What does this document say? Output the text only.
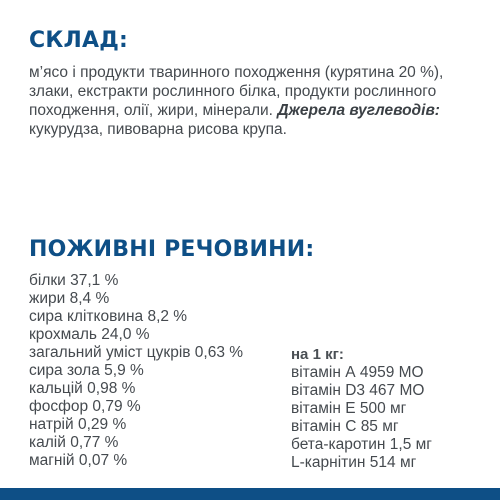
СКЛАД:

м’ясо і продукти тваринного походження (курятина 20 %), злаки, екстракти рослинного білка, продукти рослинного походження, олії, жири, мінерали. Джерела вуглеводів: кукурудза, пивоварна рисова крупа.

ПОЖИВНІ РЕЧОВИНИ:
білки 37,1 %
жири 8,4 %
сира клітковина 8,2 %
крохмаль 24,0 %
загальний уміст цукрів 0,63 %
сира зола 5,9 %
кальцій 0,98 %
фосфор 0,79 %
натрій 0,29 %
калій 0,77 %
магній 0,07 %
на 1 кг:
вітамін А 4959 МО
вітамін D3 467 МО
вітамін Е 500 мг
вітамін С 85 мг
бета-каротин 1,5 мг
L-карнітин 514 мг
